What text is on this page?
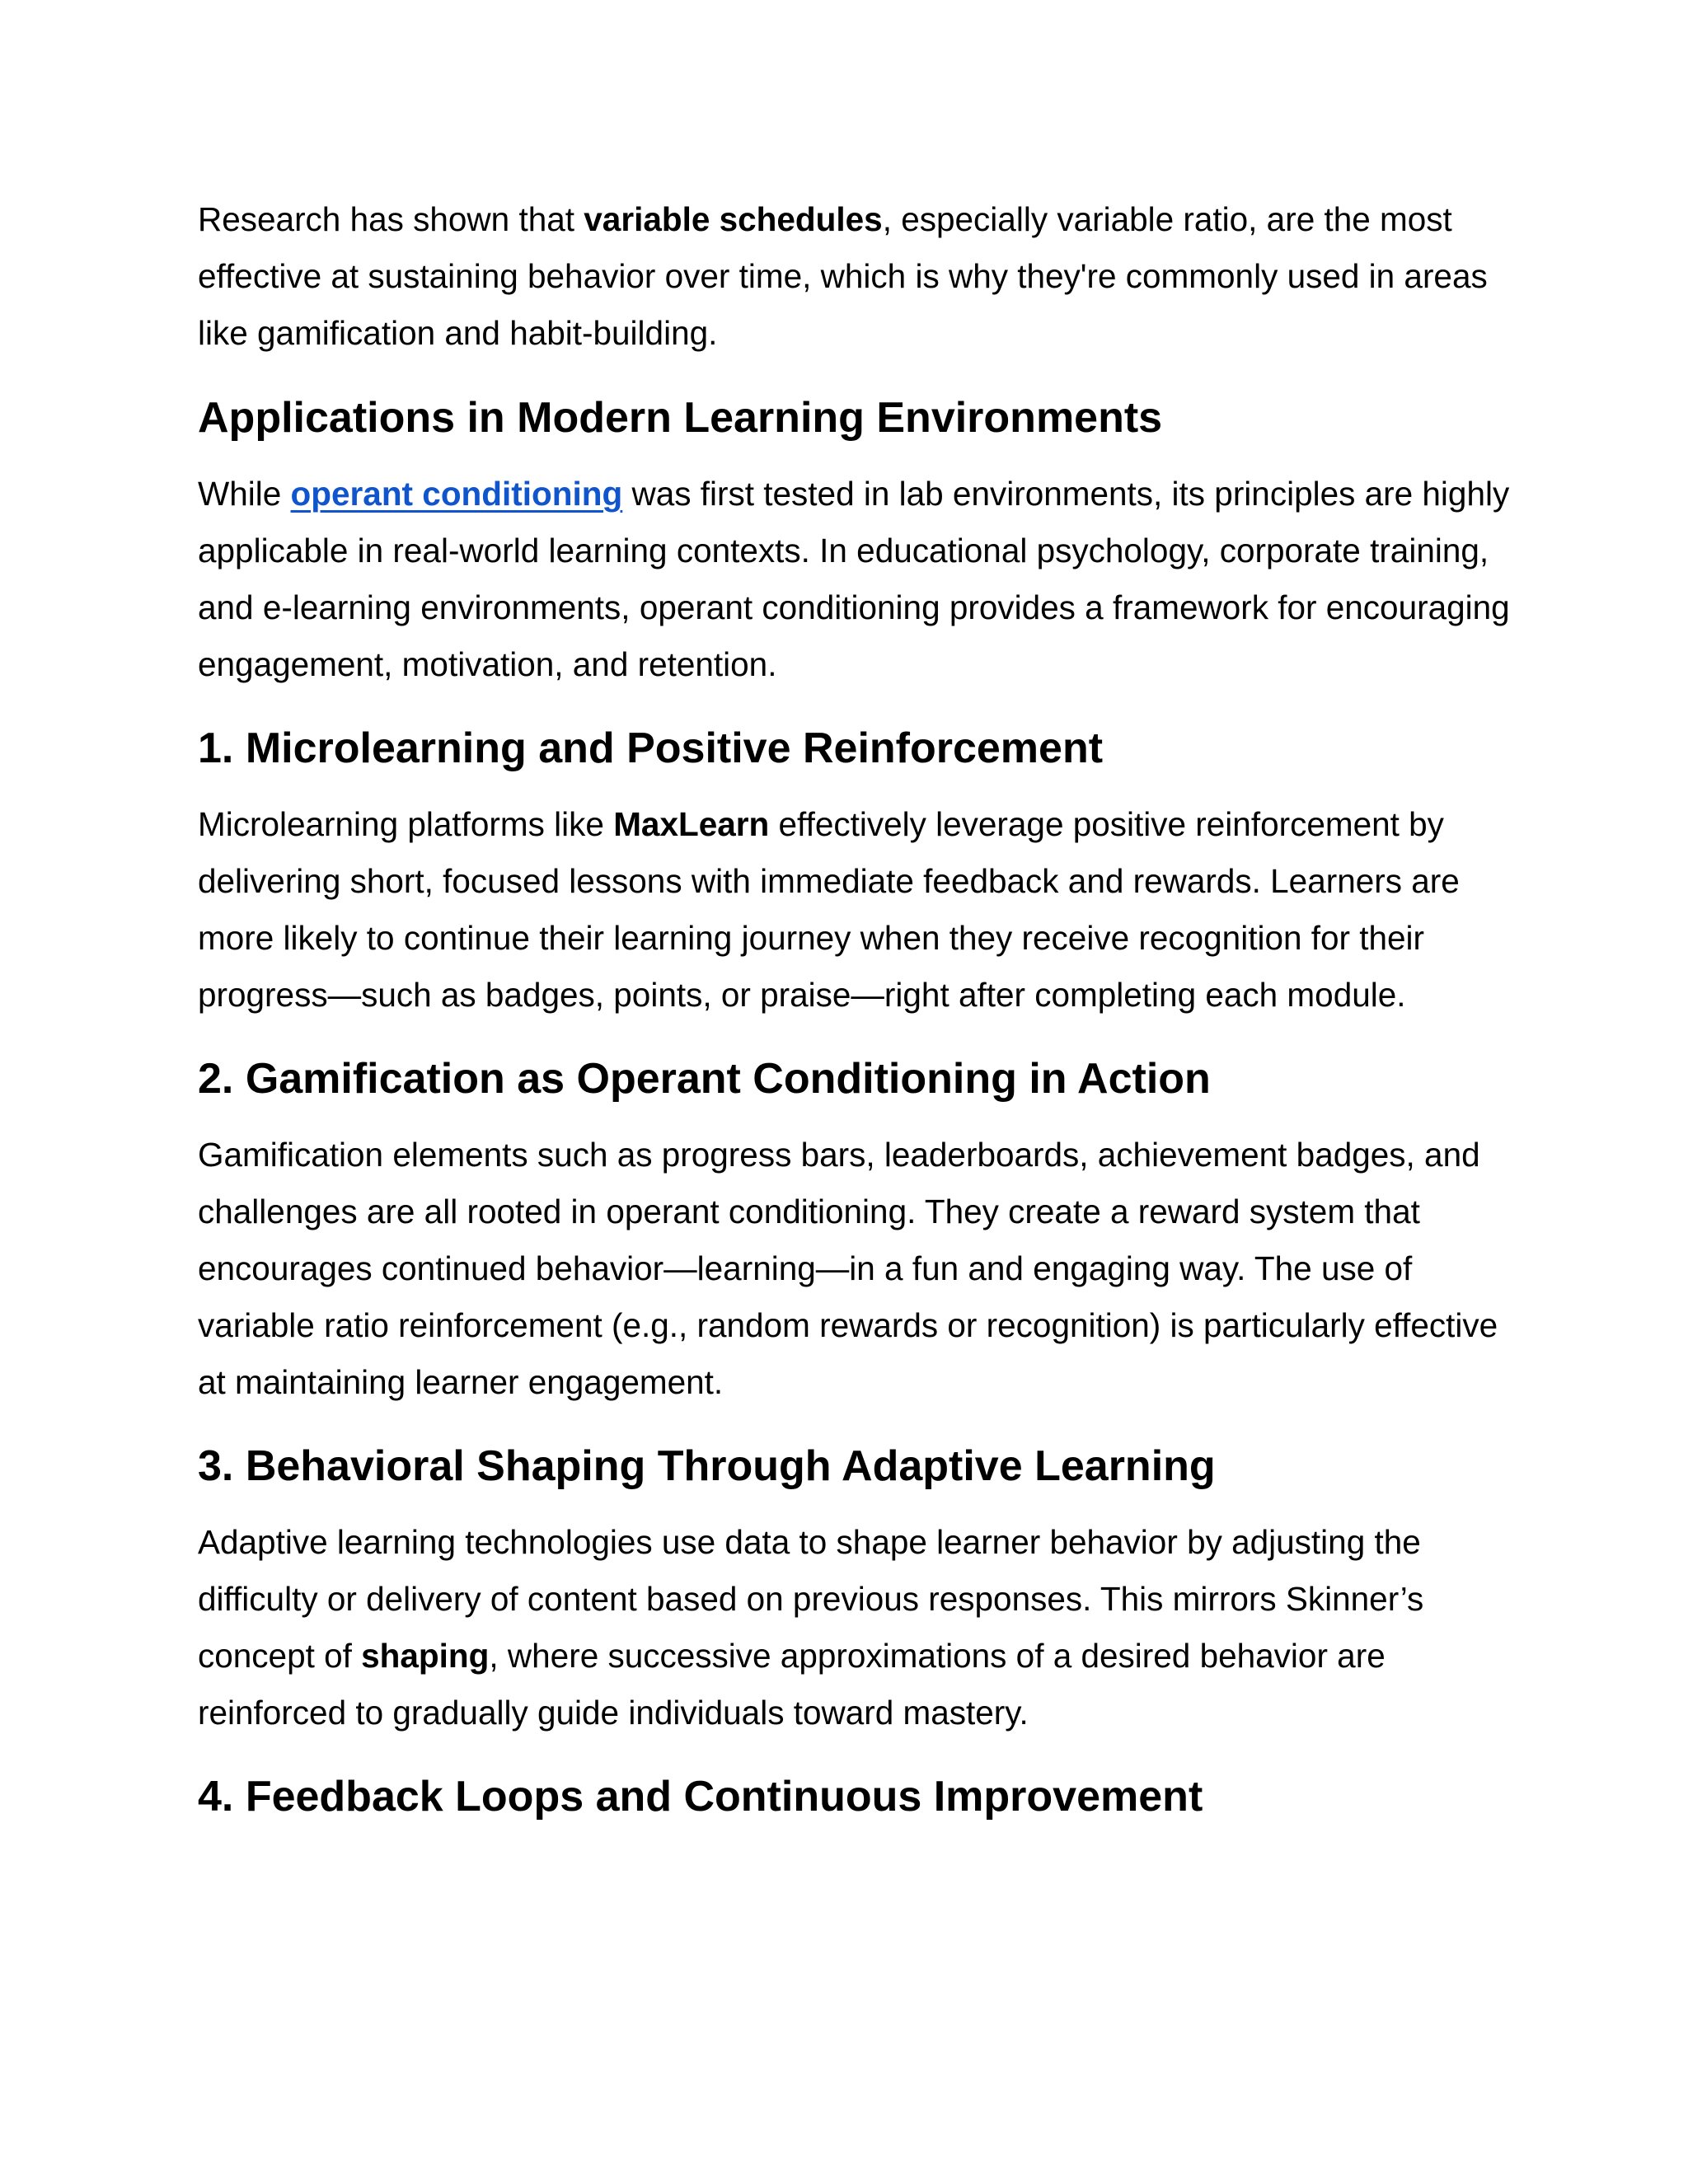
Research has shown that variable schedules, especially variable ratio, are the most effective at sustaining behavior over time, which is why they're commonly used in areas like gamification and habit-building.

Applications in Modern Learning Environments

While operant conditioning was first tested in lab environments, its principles are highly applicable in real-world learning contexts. In educational psychology, corporate training, and e-learning environments, operant conditioning provides a framework for encouraging engagement, motivation, and retention.

1. Microlearning and Positive Reinforcement

Microlearning platforms like MaxLearn effectively leverage positive reinforcement by delivering short, focused lessons with immediate feedback and rewards. Learners are more likely to continue their learning journey when they receive recognition for their progress—such as badges, points, or praise—right after completing each module.

2. Gamification as Operant Conditioning in Action

Gamification elements such as progress bars, leaderboards, achievement badges, and challenges are all rooted in operant conditioning. They create a reward system that encourages continued behavior—learning—in a fun and engaging way. The use of variable ratio reinforcement (e.g., random rewards or recognition) is particularly effective at maintaining learner engagement.

3. Behavioral Shaping Through Adaptive Learning

Adaptive learning technologies use data to shape learner behavior by adjusting the difficulty or delivery of content based on previous responses. This mirrors Skinner’s concept of shaping, where successive approximations of a desired behavior are reinforced to gradually guide individuals toward mastery.

4. Feedback Loops and Continuous Improvement
